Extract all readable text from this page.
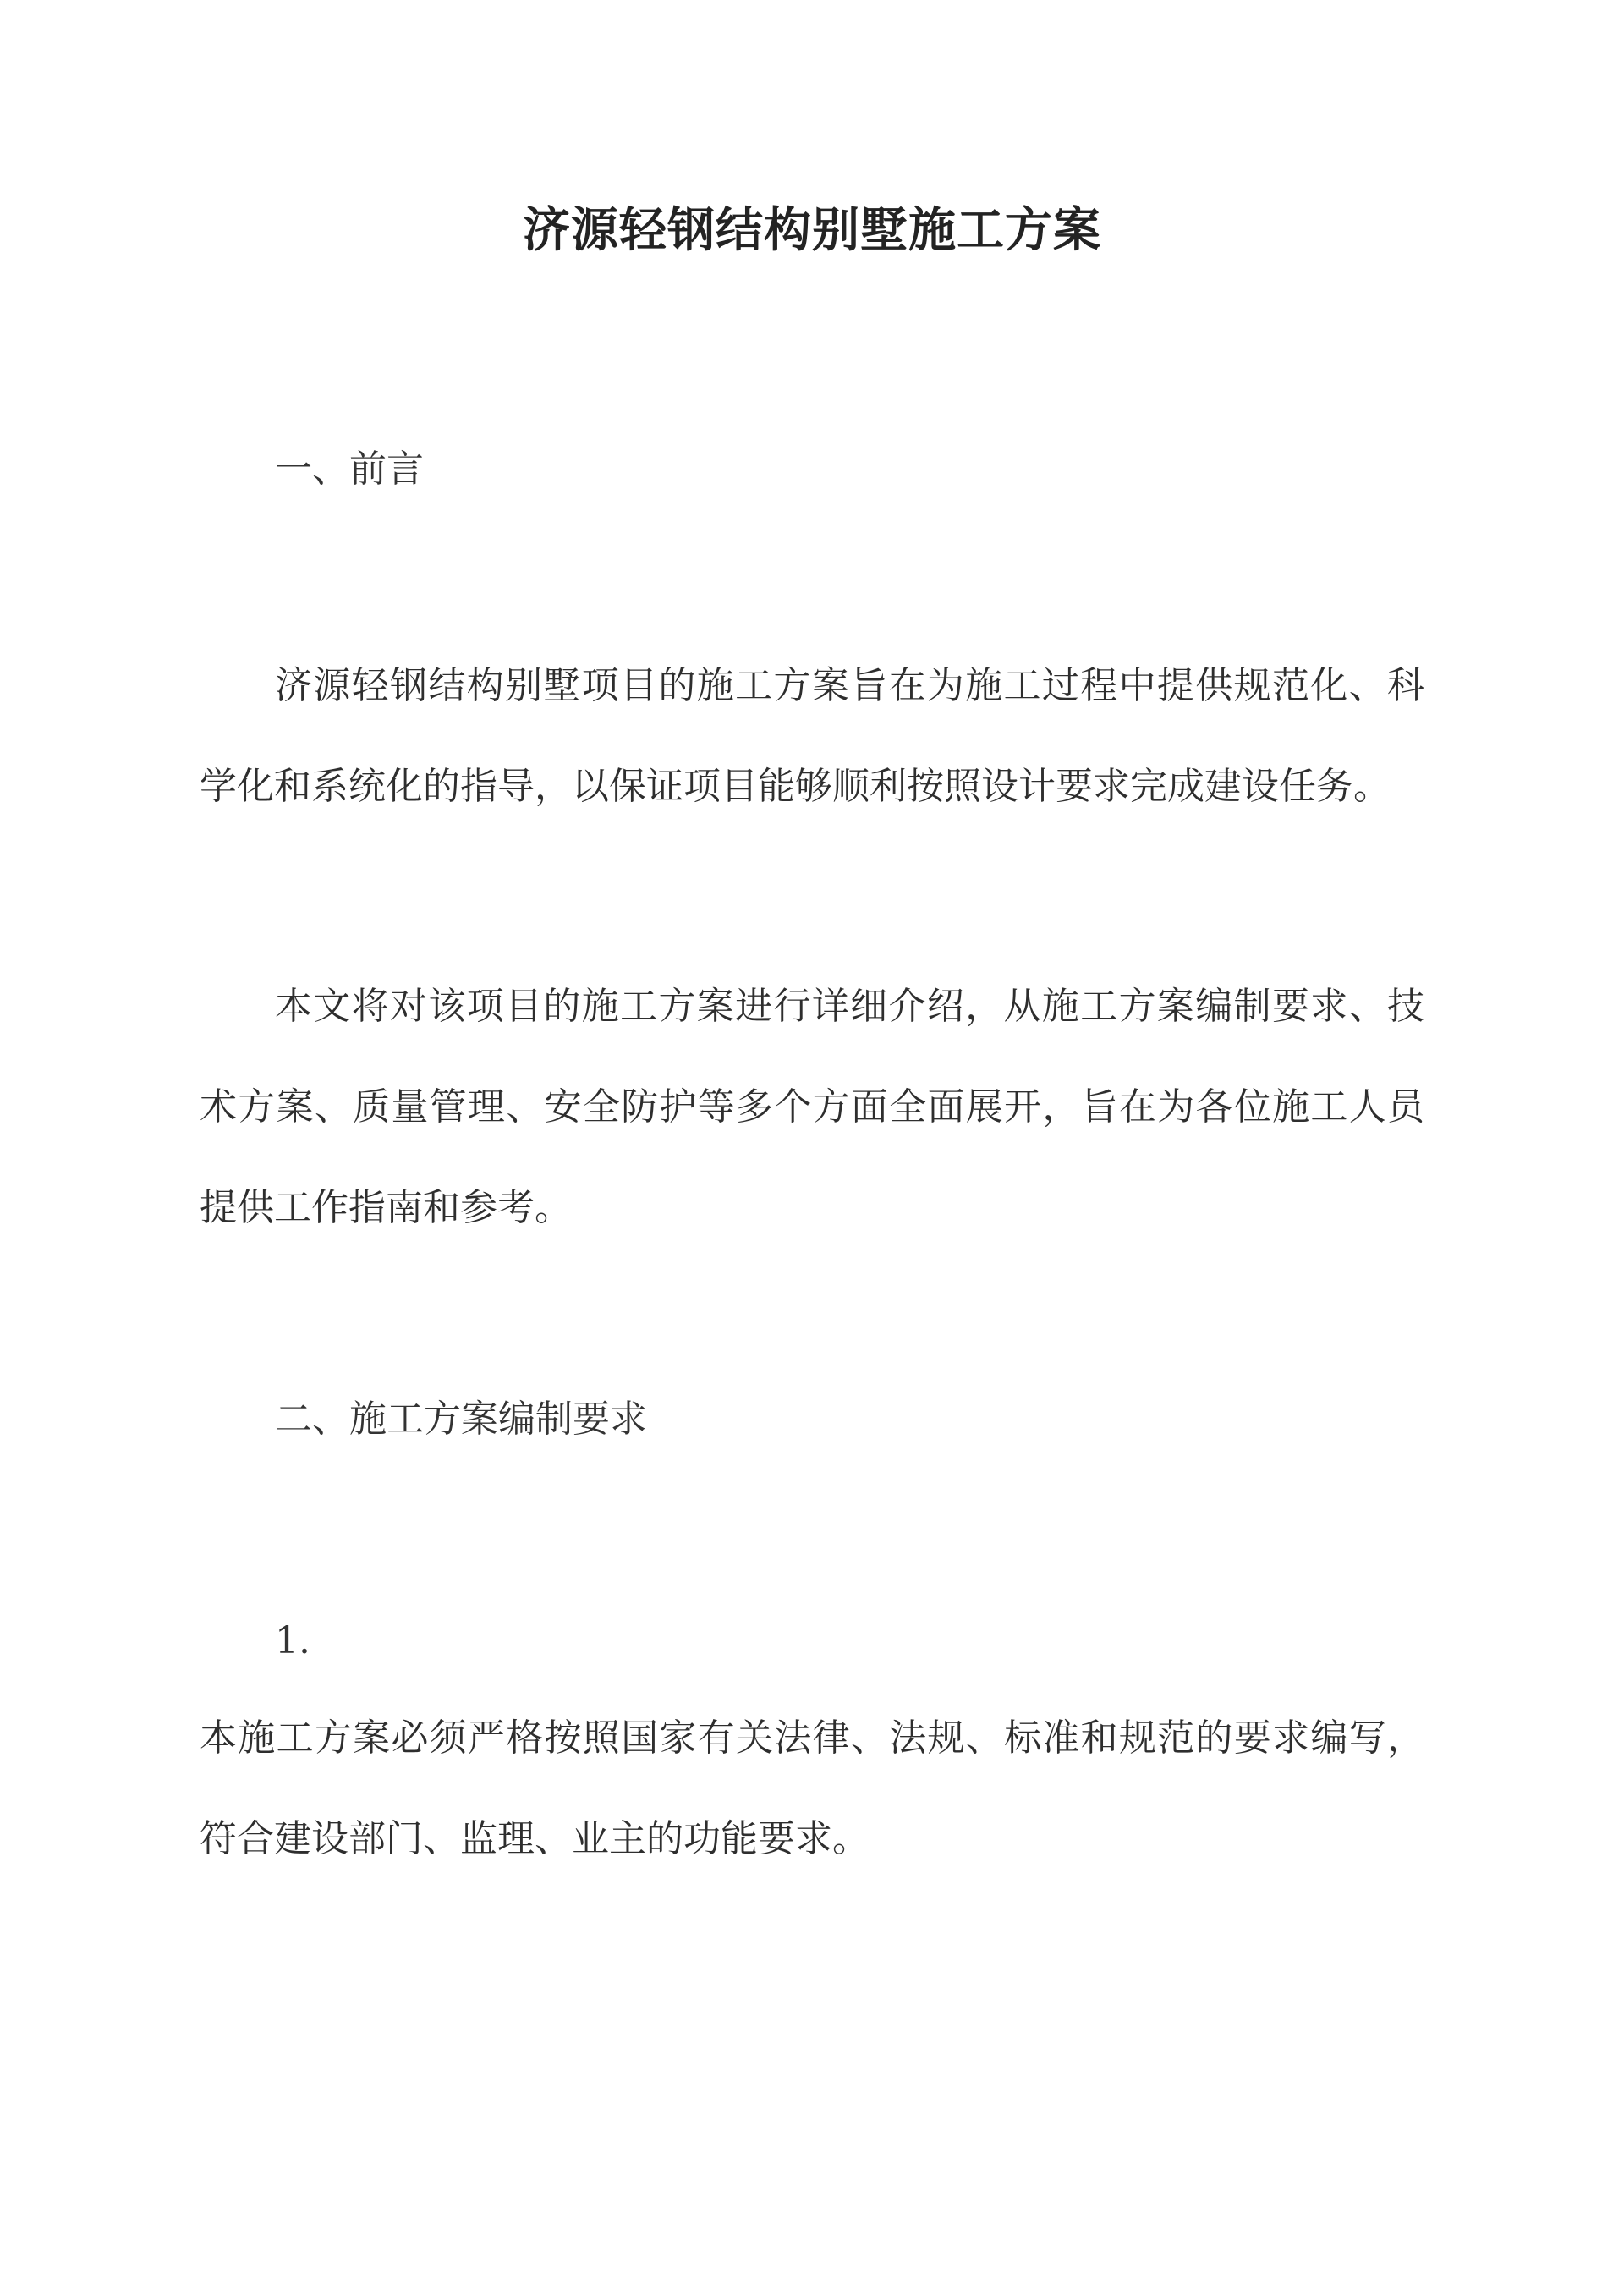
济源轻钢结构别墅施工方案
一、前言

济源轻钢结构别墅项目的施工方案旨在为施工过程中提供规范化、科学化和系统化的指导，以保证项目能够顺利按照设计要求完成建设任务。

本文将对该项目的施工方案进行详细介绍，从施工方案编制要求、技术方案、质量管理、安全防护等多个方面全面展开，旨在为各位施工人员提供工作指南和参考。

二、施工方案编制要求
1.

本施工方案必须严格按照国家有关法律、法规、标准和规范的要求编写，符合建设部门、监理、业主的功能要求。
